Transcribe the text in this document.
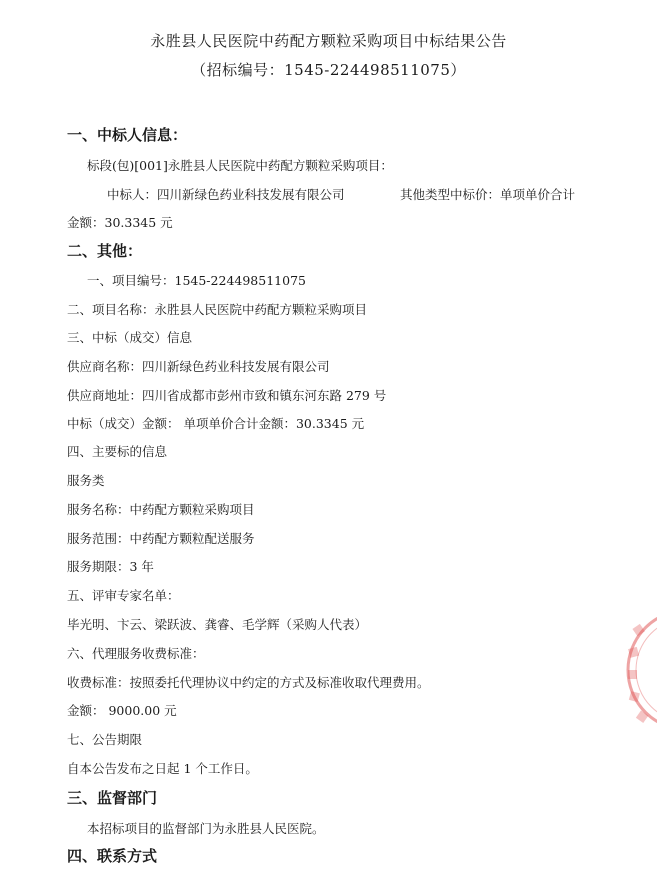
永胜县人民医院中药配方颗粒采购项目中标结果公告
（招标编号：1545-224498511075）
一、中标人信息：
标段(包)[001]永胜县人民医院中药配方颗粒采购项目：
中标人：四川新绿色药业科技发展有限公司	其他类型中标价：单项单价合计
金额：30.3345 元
二、其他：
一、项目编号：1545-224498511075
二、项目名称：永胜县人民医院中药配方颗粒采购项目
三、中标（成交）信息
供应商名称：四川新绿色药业科技发展有限公司
供应商地址：四川省成都市彭州市致和镇东河东路 279 号
中标（成交）金额： 单项单价合计金额：30.3345 元
四、主要标的信息
服务类
服务名称：中药配方颗粒采购项目
服务范围：中药配方颗粒配送服务
服务期限：3 年
五、评审专家名单：
毕光明、卞云、梁跃波、龚睿、毛学辉（采购人代表）
六、代理服务收费标准：
收费标准：按照委托代理协议中约定的方式及标准收取代理费用。
金额： 9000.00 元
七、公告期限
自本公告发布之日起 1 个工作日。
三、监督部门
本招标项目的监督部门为永胜县人民医院。
四、联系方式
